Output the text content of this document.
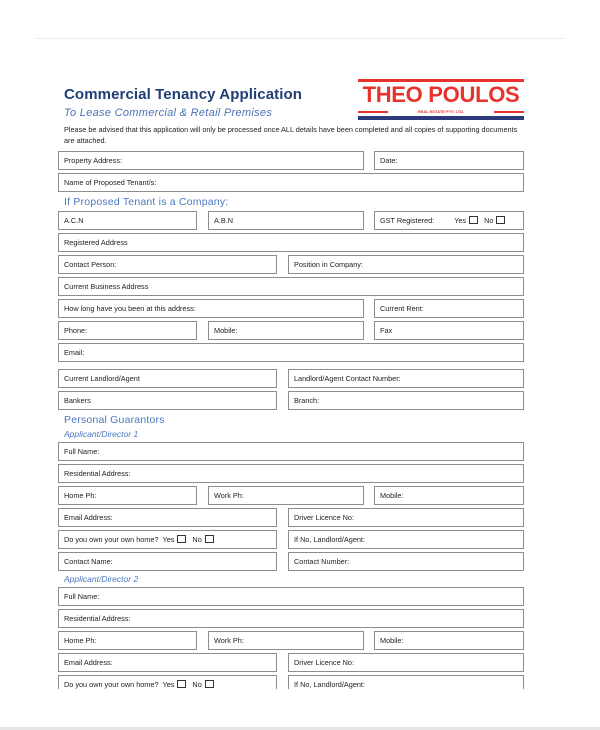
Commercial Tenancy Application
To Lease Commercial & Retail Premises
Please be advised that this application will only be processed once ALL details have been completed and all copies of supporting documents are attached.
THEO POULOS
REAL ESTATE PTY. LTD.
Property Address:	Date:
Name of Proposed Tenant/s:
If Proposed Tenant is a Company:
A.C.N	A.B.N	GST Registered:	Yes No
Registered Address
Contact Person:	Position in Company:
Current Business Address
How long have you been at this address:	Current Rent:
Phone:	Mobile:	Fax
Email:
Current Landlord/Agent	Landlord/Agent Contact Number:
Bankers	Branch:
Personal Guarantors
Applicant/Director 1
Full Name:
Residential Address:
Home Ph:	Work Ph:	Mobile:
Email Address:	Driver Licence No:
Do you own your own home? Yes No	If No, Landlord/Agent:
Contact Name:	Contact Number:
Applicant/Director 2
Full Name:
Residential Address:
Home Ph:	Work Ph:	Mobile:
Email Address:	Driver Licence No:
Do you own your own home? Yes No	If No, Landlord/Agent:
